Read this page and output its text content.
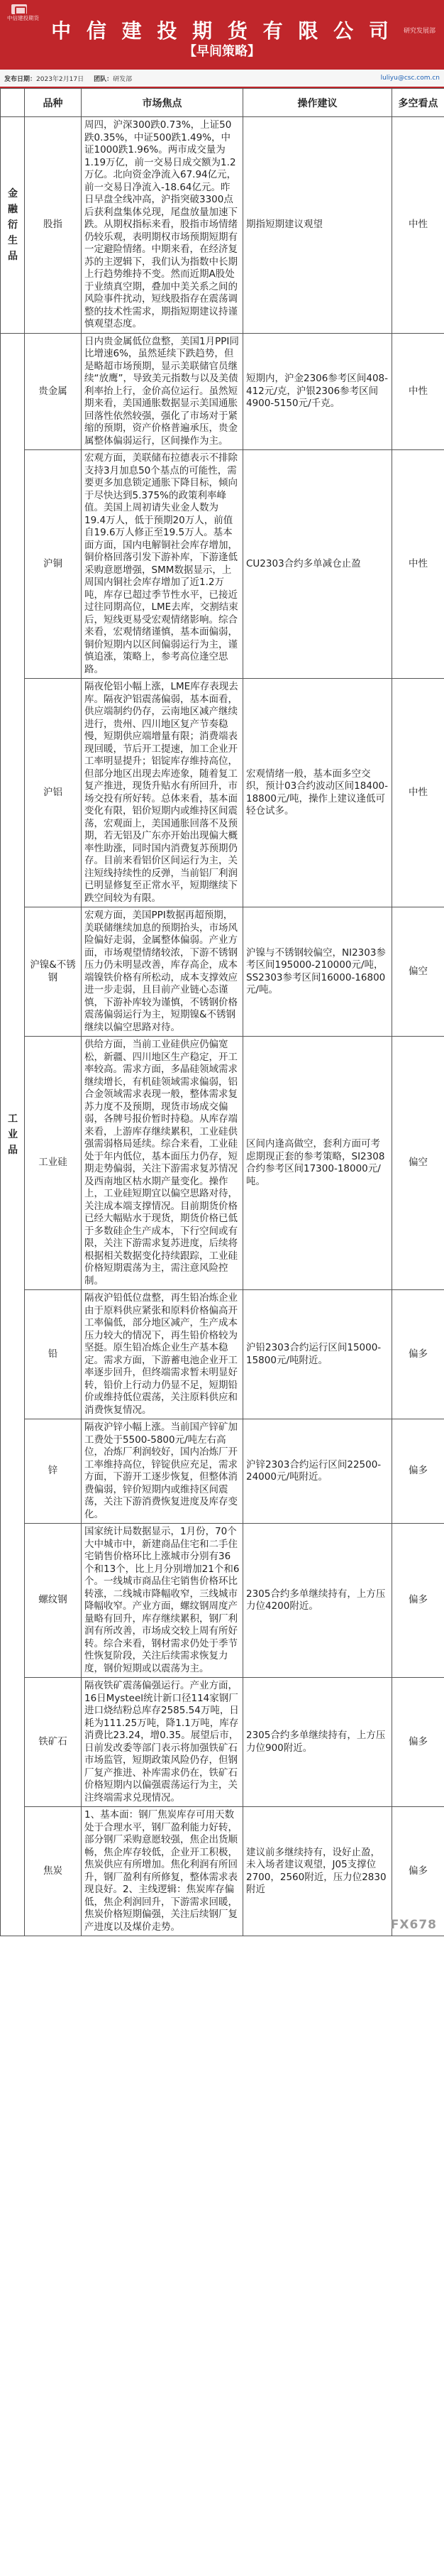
中信建投期货
中 信 建 投 期 货 有 限 公 司
【早间策略】
研究发展部
发布日期：2023年2月17日 团队：研发部	luliyu@csc.com.cn
	品种	市场焦点	操作建议	多空看点
金融衍生品	股指	周四，沪深300跌0.73%，上证50跌0.35%，中证500跌1.49%，中证1000跌1.96%。两市成交量为1.19万亿，前一交易日成交额为1.2万亿。北向资金净流入67.94亿元，前一交易日净流入-18.64亿元。昨日早盘全线冲高，沪指突破3300点后获利盘集体兑现，尾盘放量加速下跌。从期权指标来看，股指市场情绪仍较乐观，表明期权市场预期短期有一定避险情绪。中期来看，在经济复苏的主逻辑下，我们认为指数中长期上行趋势维持不变。然而近期A股处于业绩真空期，叠加中美关系之间的风险事件扰动，短线股指存在震荡调整的技术性需求，期指短期建议持谨慎观望态度。	期指短期建议观望	中性
工业品	贵金属	日内贵金属低位盘整，美国1月PPI同比增速6%，虽然延续下跌趋势，但是略超市场预期，显示美联储官员继续“放鹰”，导致美元指数与以及美债利率抬上行，金价高位运行。虽然短期来看，美国通胀数据显示美国通胀回落性依然较强，强化了市场对于紧缩的预期，资产价格普遍承压，贵金属整体偏弱运行，区间操作为主。	短期内，沪金2306参考区间408-412元/克，沪银2306参考区间4900-5150元/千克。	中性
	沪铜	宏观方面，美联储布拉德表示不排除支持3月加息50个基点的可能性，需要更多加息锁定通胀下降目标，倾向于尽快达到5.375%的政策利率峰值。美国上周初请失业金人数为19.4万人，低于预期20万人，前值自19.6万人修正至19.5万人。基本面方面，国内电解铜社会库存增加，铜价格回落引发下游补库，下游逢低采购意愿增强，SMM数据显示，上周国内铜社会库存增加了近1.2万吨，库存已超过季节性水平，已接近过往同期高位，LME去库，交割结束后，短线更易受宏观情绪影响。综合来看，宏观情绪谨慎，基本面偏弱，铜价短期内以区间偏弱运行为主，谨慎追涨，策略上，参考高位逢空思路。	CU2303合约多单减仓止盈	中性
	沪铝	隔夜伦铝小幅上涨，LME库存表现去库。隔夜沪铝震荡偏弱，基本面看，供应端制约仍存，云南地区减产继续进行，贵州、四川地区复产节奏稳慢，短期供应端增量有限；消费端表现回暖，节后开工提速，加工企业开工率明显提升；铝锭库存维持高位，但部分地区出现去库迹象，随着复工复产推进，现货升贴水有所回升，市场交投有所好转。总体来看，基本面变化有限，铝价短期内或维持区间震荡，宏观面上，美国通胀回落不及预期，若无铝及广东亦开始出现偏大概率性助涨，同时国内消费复苏预期仍存。目前来看铝价区间运行为主，关注短线持续性的反弹，当前铝厂利润已明显修复至正常水平，短期继续下跌空间较为有限。	宏观情绪一般，基本面多空交织，预计03合约波动区间18400-18800元/吨，操作上建议逢低可轻仓试多。	中性
	沪镍&不锈钢	宏观方面，美国PPI数据再超预期，美联储继续加息的预期抬头，市场风险偏好走弱，金属整体偏弱。产业方面，市场观望情绪较浓，下游不锈钢压力仍未明显改善，库存高企，成本端镍铁价格有所松动，成本支撑效应进一步走弱，且目前产业链心态谨慎，下游补库较为谨慎，不锈钢价格震荡偏弱运行为主，短期镍&不锈钢继续以偏空思路对待。	沪镍与不锈钢较偏空，NI2303参考区间195000-210000元/吨，SS2303参考区间16000-16800元/吨。	偏空
	工业硅	供给方面，当前工业硅供应仍偏宽松，新疆、四川地区生产稳定，开工率较高。需求方面，多晶硅领域需求继续增长，有机硅领域需求偏弱，铝合金领域需求表现一般，整体需求复苏力度不及预期，现货市场成交偏弱，各牌号报价暂时持稳。从库存端来看，上游库存继续累积，工业硅供强需弱格局延续。综合来看，工业硅处于年内低位，基本面压力仍存，短期走势偏弱，关注下游需求复苏情况及西南地区枯水期产量变化。操作上，工业硅短期宜以偏空思路对待，关注成本端支撑情况。目前期货价格已经大幅贴水于现货，期货价格已低于多数硅企生产成本，下行空间或有限，关注下游需求复苏进度，后续将根据相关数据变化持续跟踪，工业硅价格短期震荡为主，需注意风险控制。	区间内逢高做空，套利方面可考虑期现正套的参考策略，SI2308合约参考区间17300-18000元/吨。	偏空
	铅	隔夜沪铅低位盘整，再生铅冶炼企业由于原料供应紧张和原料价格偏高开工率偏低，部分地区减产，生产成本压力较大的情况下，再生铅价格较为坚挺。原生铅冶炼企业生产基本稳定。需求方面，下游蓄电池企业开工率逐步回升，但终端需求暂未明显好转，铅价上行动力仍显不足，短期铅价或维持低位震荡，关注原料供应和消费恢复情况。	沪铅2303合约运行区间15000-15800元/吨附近。	偏多
	锌	隔夜沪锌小幅上涨。当前国产锌矿加工费处于5500-5800元/吨左右高位，冶炼厂利润较好，国内冶炼厂开工率维持高位，锌锭供应充足，需求方面，下游开工逐步恢复，但整体消费偏弱，锌价短期内或维持区间震荡，关注下游消费恢复进度及库存变化。	沪锌2303合约运行区间22500-24000元/吨附近。	偏多
	螺纹钢	国家统计局数据显示，1月份，70个大中城市中，新建商品住宅和二手住宅销售价格环比上涨城市分别有36个和13个，比上月分别增加21个和6个。一线城市商品住宅销售价格环比转涨，二线城市降幅收窄，三线城市降幅收窄。产业方面，螺纹钢周度产量略有回升，库存继续累积，钢厂利润有所改善，市场成交较上周有所好转。综合来看，钢材需求仍处于季节性恢复阶段，关注后续需求恢复力度，钢价短期或以震荡为主。	2305合约多单继续持有，上方压力位4200附近。	偏多
	铁矿石	隔夜铁矿震荡偏强运行。产业方面，16日Mysteel统计新口径114家钢厂进口烧结粉总库存2585.54万吨，日耗为111.25万吨，降1.1万吨，库存消费比23.24，增0.35。展望后市，日前发改委等部门表示将加强铁矿石市场监管，短期政策风险仍存，但钢厂复产推进、补库需求仍在，铁矿石价格短期内以偏强震荡运行为主，关注终端需求兑现情况。	2305合约多单继续持有，上方压力位900附近。	偏多
	焦炭	1、基本面：钢厂焦炭库存可用天数处于合理水平，钢厂盈利能力好转，部分钢厂采购意愿较强，焦企出货顺畅，焦企库存较低，企业开工积极，焦炭供应有所增加。焦化利润有所回升，钢厂盈利有所修复，整体需求表现良好。2、主线逻辑：焦炭库存偏低，焦企利润回升，下游需求回暖，焦炭价格短期偏强，关注后续钢厂复产进度以及煤价走势。	建议前多继续持有，设好止盈，未入场者建议观望，J05支撑位2700，2560附近，压力位2830附近	偏多
FX678
